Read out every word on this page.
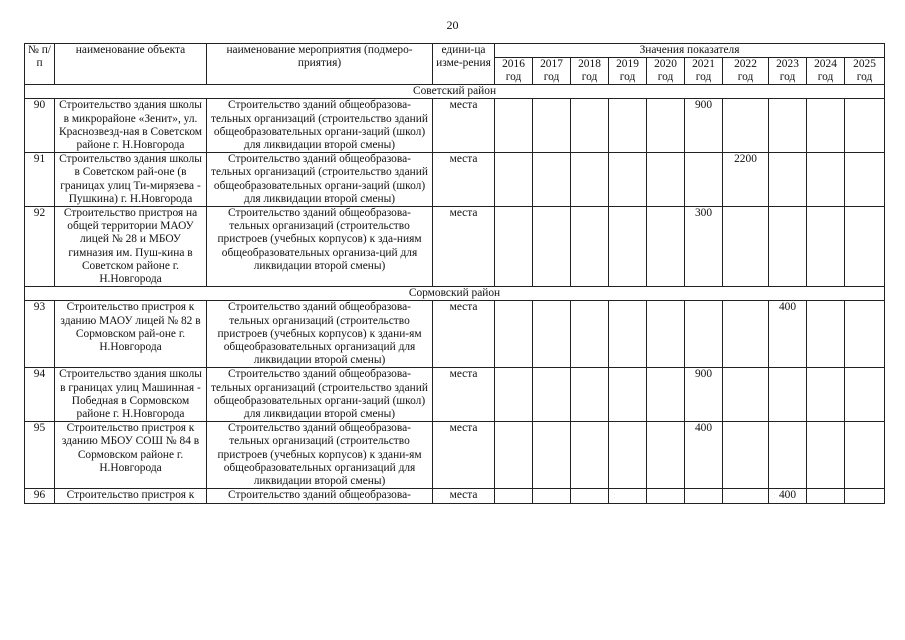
20
№ п/п	наименование объекта	наименование мероприятия (подмеро-приятия)	едини-ца изме-рения	Значения показателя									
				2016 год	2017 год	2018 год	2019 год	2020 год	2021 год	2022 год	2023 год	2024 год	2025 год
Советский район													
90	Строительство здания школы в микрорайоне «Зенит», ул. Краснозвезд-ная в Советском районе г. Н.Новгорода	Строительство зданий общеобразова-тельных организаций (строительство зданий общеобразовательных органи-заций (школ) для ликвидации второй смены)	места						900				
91	Строительство здания школы в Советском рай-оне (в границах улиц Ти-мирязева - Пушкина) г. Н.Новгорода	Строительство зданий общеобразова-тельных организаций (строительство зданий общеобразовательных органи-заций (школ) для ликвидации второй смены)	места							2200			
92	Строительство пристроя на общей территории МАОУ лицей № 28 и МБОУ гимназия им. Пуш-кина в Советском районе г. Н.Новгорода	Строительство зданий общеобразова-тельных организаций (строительство пристроев (учебных корпусов) к зда-ниям общеобразовательных организа-ций для ликвидации второй смены)	места						300				
Сормовский район													
93	Строительство пристроя к зданию МАОУ лицей № 82 в Сормовском рай-оне г. Н.Новгорода	Строительство зданий общеобразова-тельных организаций (строительство пристроев (учебных корпусов) к здани-ям общеобразовательных организаций для ликвидации второй смены)	места								400		
94	Строительство здания школы в границах улиц Машинная - Победная в Сормовском районе г. Н.Новгорода	Строительство зданий общеобразова-тельных организаций (строительство зданий общеобразовательных органи-заций (школ) для ликвидации второй смены)	места						900				
95	Строительство пристроя к зданию МБОУ СОШ № 84 в Сормовском районе г. Н.Новгорода	Строительство зданий общеобразова-тельных организаций (строительство пристроев (учебных корпусов) к здани-ям общеобразовательных организаций для ликвидации второй смены)	места						400				
96	Строительство пристроя к	Строительство зданий общеобразова-	места								400		
